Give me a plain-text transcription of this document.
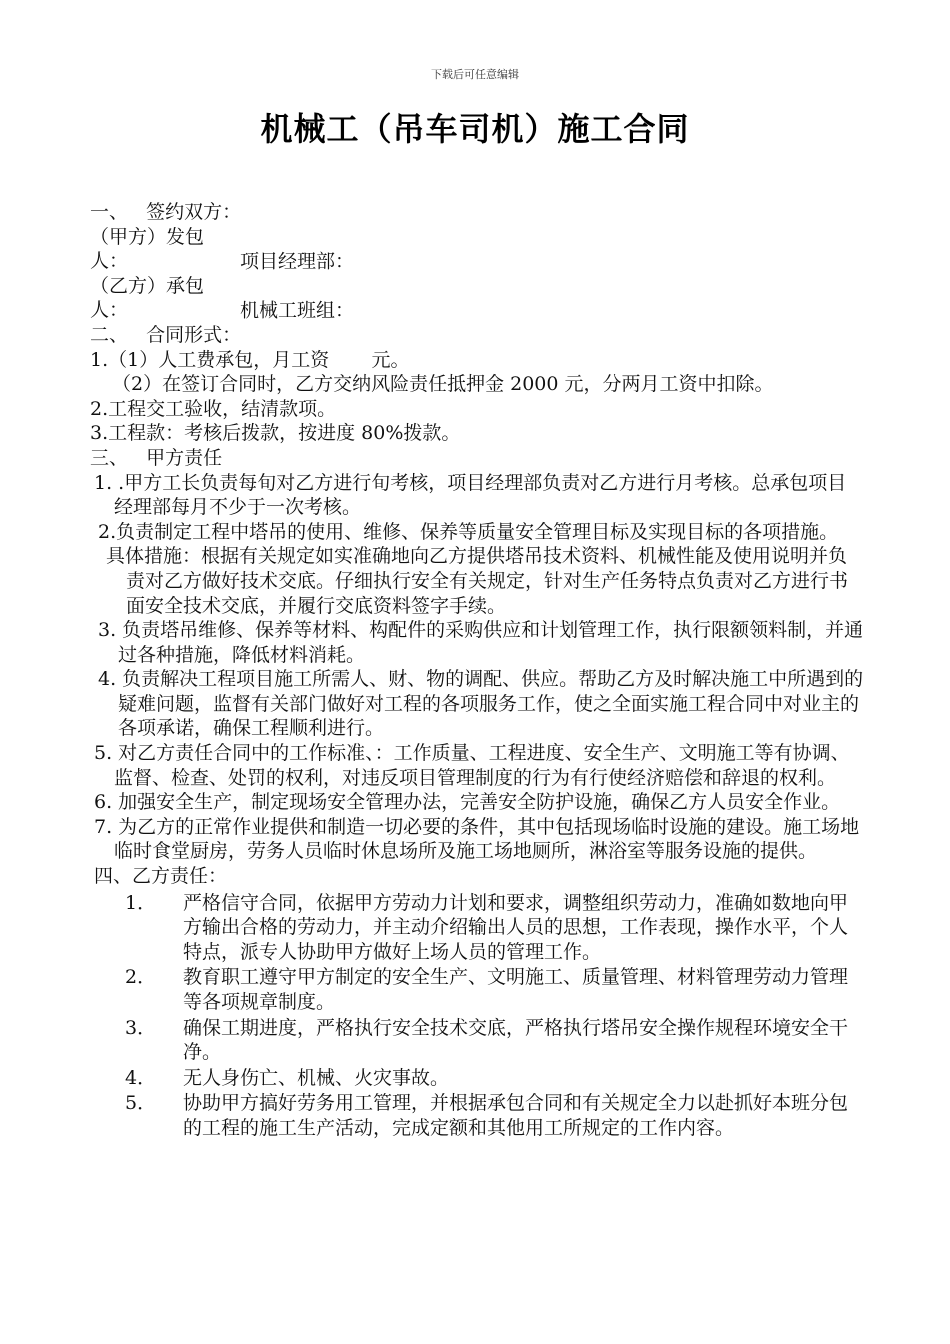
下载后可任意编辑
机械工（吊车司机）施工合同

一、   签约双方：

（甲方）发包人：	项目经理部：

（乙方）承包人：	机械工班组：

二、   合同形式：

1.（1）人工费承包，月工资       元。

（2）在签订合同时，乙方交纳风险责任抵押金 2000 元，分两月工资中扣除。

2.工程交工验收，结清款项。

3.工程款：考核后拨款，按进度 80%拨款。

三、   甲方责任

1. .甲方工长负责每旬对乙方进行旬考核，项目经理部负责对乙方进行月考核。总承包项目经理部每月不少于一次考核。

2.负责制定工程中塔吊的使用、维修、保养等质量安全管理目标及实现目标的各项措施。

具体措施：根据有关规定如实准确地向乙方提供塔吊技术资料、机械性能及使用说明并负责对乙方做好技术交底。仔细执行安全有关规定，针对生产任务特点负责对乙方进行书面安全技术交底，并履行交底资料签字手续。

3. 负责塔吊维修、保养等材料、构配件的采购供应和计划管理工作，执行限额领料制，并通过各种措施，降低材料消耗。

4. 负责解决工程项目施工所需人、财、物的调配、供应。帮助乙方及时解决施工中所遇到的疑难问题，监督有关部门做好对工程的各项服务工作，使之全面实施工程合同中对业主的各项承诺，确保工程顺利进行。

5. 对乙方责任合同中的工作标准、：工作质量、工程进度、安全生产、文明施工等有协调、监督、检查、处罚的权利，对违反项目管理制度的行为有行使经济赔偿和辞退的权利。

6. 加强安全生产，制定现场安全管理办法，完善安全防护设施，确保乙方人员安全作业。

7. 为乙方的正常作业提供和制造一切必要的条件，其中包括现场临时设施的建设。施工场地临时食堂厨房，劳务人员临时休息场所及施工场地厕所，淋浴室等服务设施的提供。

四、乙方责任：

1．	严格信守合同，依据甲方劳动力计划和要求，调整组织劳动力，准确如数地向甲方输出合格的劳动力，并主动介绍输出人员的思想，工作表现，操作水平，个人特点，派专人协助甲方做好上场人员的管理工作。
2．	教育职工遵守甲方制定的安全生产、文明施工、质量管理、材料管理劳动力管理等各项规章制度。
3．	确保工期进度，严格执行安全技术交底，严格执行塔吊安全操作规程环境安全干净。
4．	无人身伤亡、机械、火灾事故。
5．	协助甲方搞好劳务用工管理，并根据承包合同和有关规定全力以赴抓好本班分包的工程的施工生产活动，完成定额和其他用工所规定的工作内容。
